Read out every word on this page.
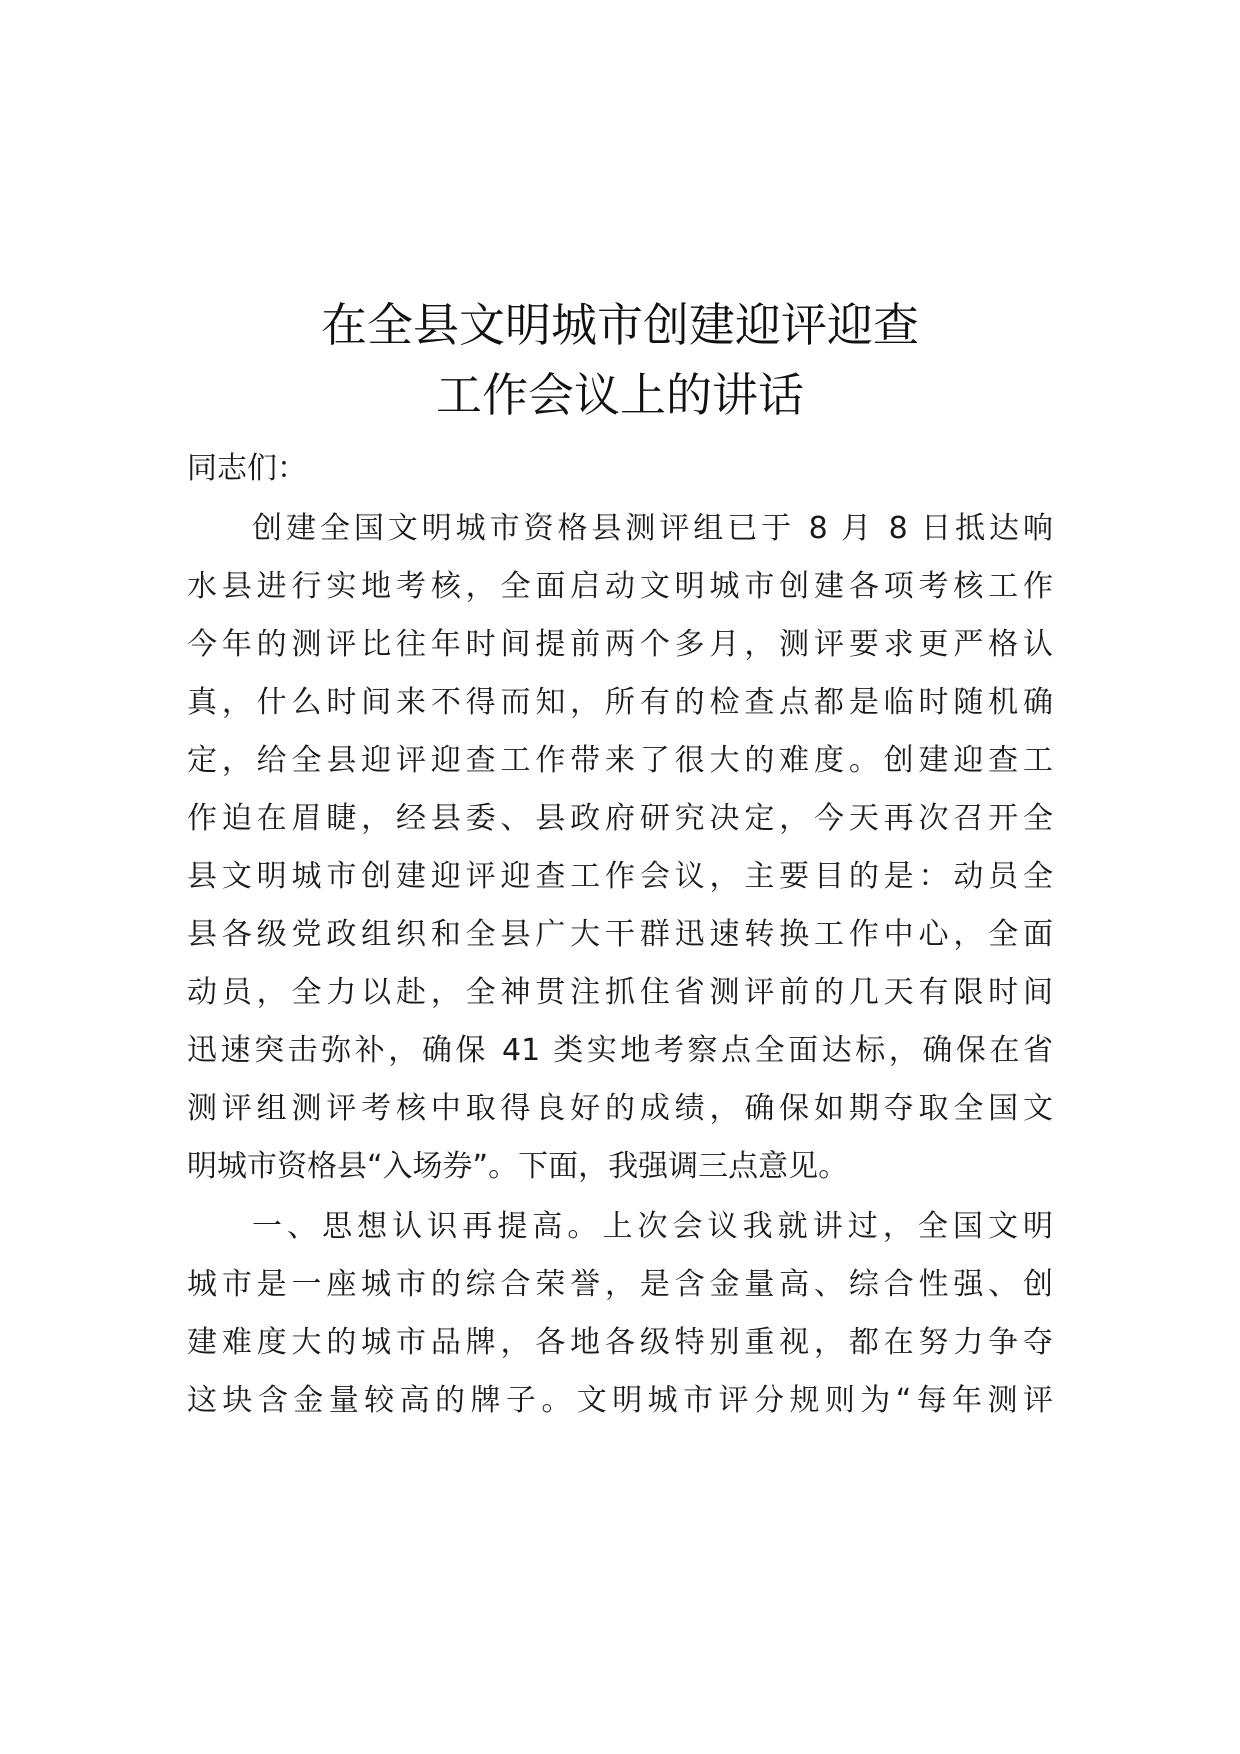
在全县文明城市创建迎评迎查
工作会议上的讲话
同志们：
创建全国文明城市资格县测评组已于 8 月 8 日抵达响
水县进行实地考核，全面启动文明城市创建各项考核工作
今年的测评比往年时间提前两个多月，测评要求更严格认
真，什么时间来不得而知，所有的检查点都是临时随机确
定，给全县迎评迎查工作带来了很大的难度。创建迎查工
作迫在眉睫，经县委、县政府研究决定，今天再次召开全
县文明城市创建迎评迎查工作会议，主要目的是：动员全
县各级党政组织和全县广大干群迅速转换工作中心，全面
动员，全力以赴，全神贯注抓住省测评前的几天有限时间
迅速突击弥补，确保 41 类实地考察点全面达标，确保在省
测评组测评考核中取得良好的成绩，确保如期夺取全国文
明城市资格县“入场券”。下面，我强调三点意见。
一、思想认识再提高。上次会议我就讲过，全国文明
城市是一座城市的综合荣誉，是含金量高、综合性强、创
建难度大的城市品牌，各地各级特别重视，都在努力争夺
这块含金量较高的牌子。文明城市评分规则为“每年测评
